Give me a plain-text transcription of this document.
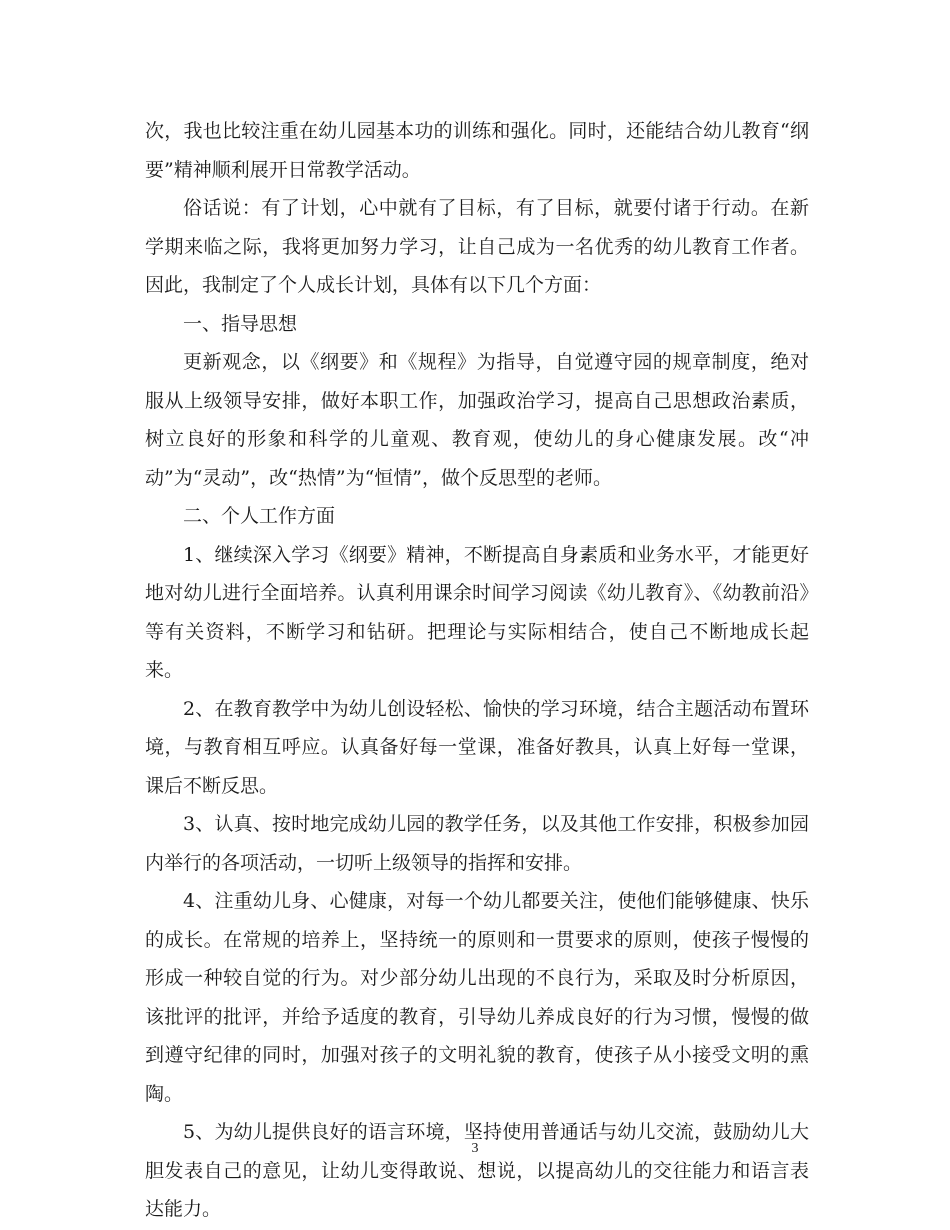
次，我也比较注重在幼儿园基本功的训练和强化。同时，还能结合幼儿教育“纲要”精神顺利展开日常教学活动。

俗话说：有了计划，心中就有了目标，有了目标，就要付诸于行动。在新学期来临之际，我将更加努力学习，让自己成为一名优秀的幼儿教育工作者。因此，我制定了个人成长计划，具体有以下几个方面：

一、指导思想

更新观念，以《纲要》和《规程》为指导，自觉遵守园的规章制度，绝对服从上级领导安排，做好本职工作，加强政治学习，提高自己思想政治素质，树立良好的形象和科学的儿童观、教育观，使幼儿的身心健康发展。改“冲动”为“灵动”，改“热情”为“恒情”，做个反思型的老师。

二、个人工作方面

1、继续深入学习《纲要》精神，不断提高自身素质和业务水平，才能更好地对幼儿进行全面培养。认真利用课余时间学习阅读《幼儿教育》、《幼教前沿》等有关资料，不断学习和钻研。把理论与实际相结合，使自己不断地成长起来。

2、在教育教学中为幼儿创设轻松、愉快的学习环境，结合主题活动布置环境，与教育相互呼应。认真备好每一堂课，准备好教具，认真上好每一堂课，课后不断反思。

3、认真、按时地完成幼儿园的教学任务，以及其他工作安排，积极参加园内举行的各项活动，一切听上级领导的指挥和安排。

4、注重幼儿身、心健康，对每一个幼儿都要关注，使他们能够健康、快乐的成长。在常规的培养上，坚持统一的原则和一贯要求的原则，使孩子慢慢的形成一种较自觉的行为。对少部分幼儿出现的不良行为，采取及时分析原因，该批评的批评，并给予适度的教育，引导幼儿养成良好的行为习惯，慢慢的做到遵守纪律的同时，加强对孩子的文明礼貌的教育，使孩子从小接受文明的熏陶。

5、为幼儿提供良好的语言环境，坚持使用普通话与幼儿交流，鼓励幼儿大胆发表自己的意见，让幼儿变得敢说、想说，以提高幼儿的交往能力和语言表达能力。

3
